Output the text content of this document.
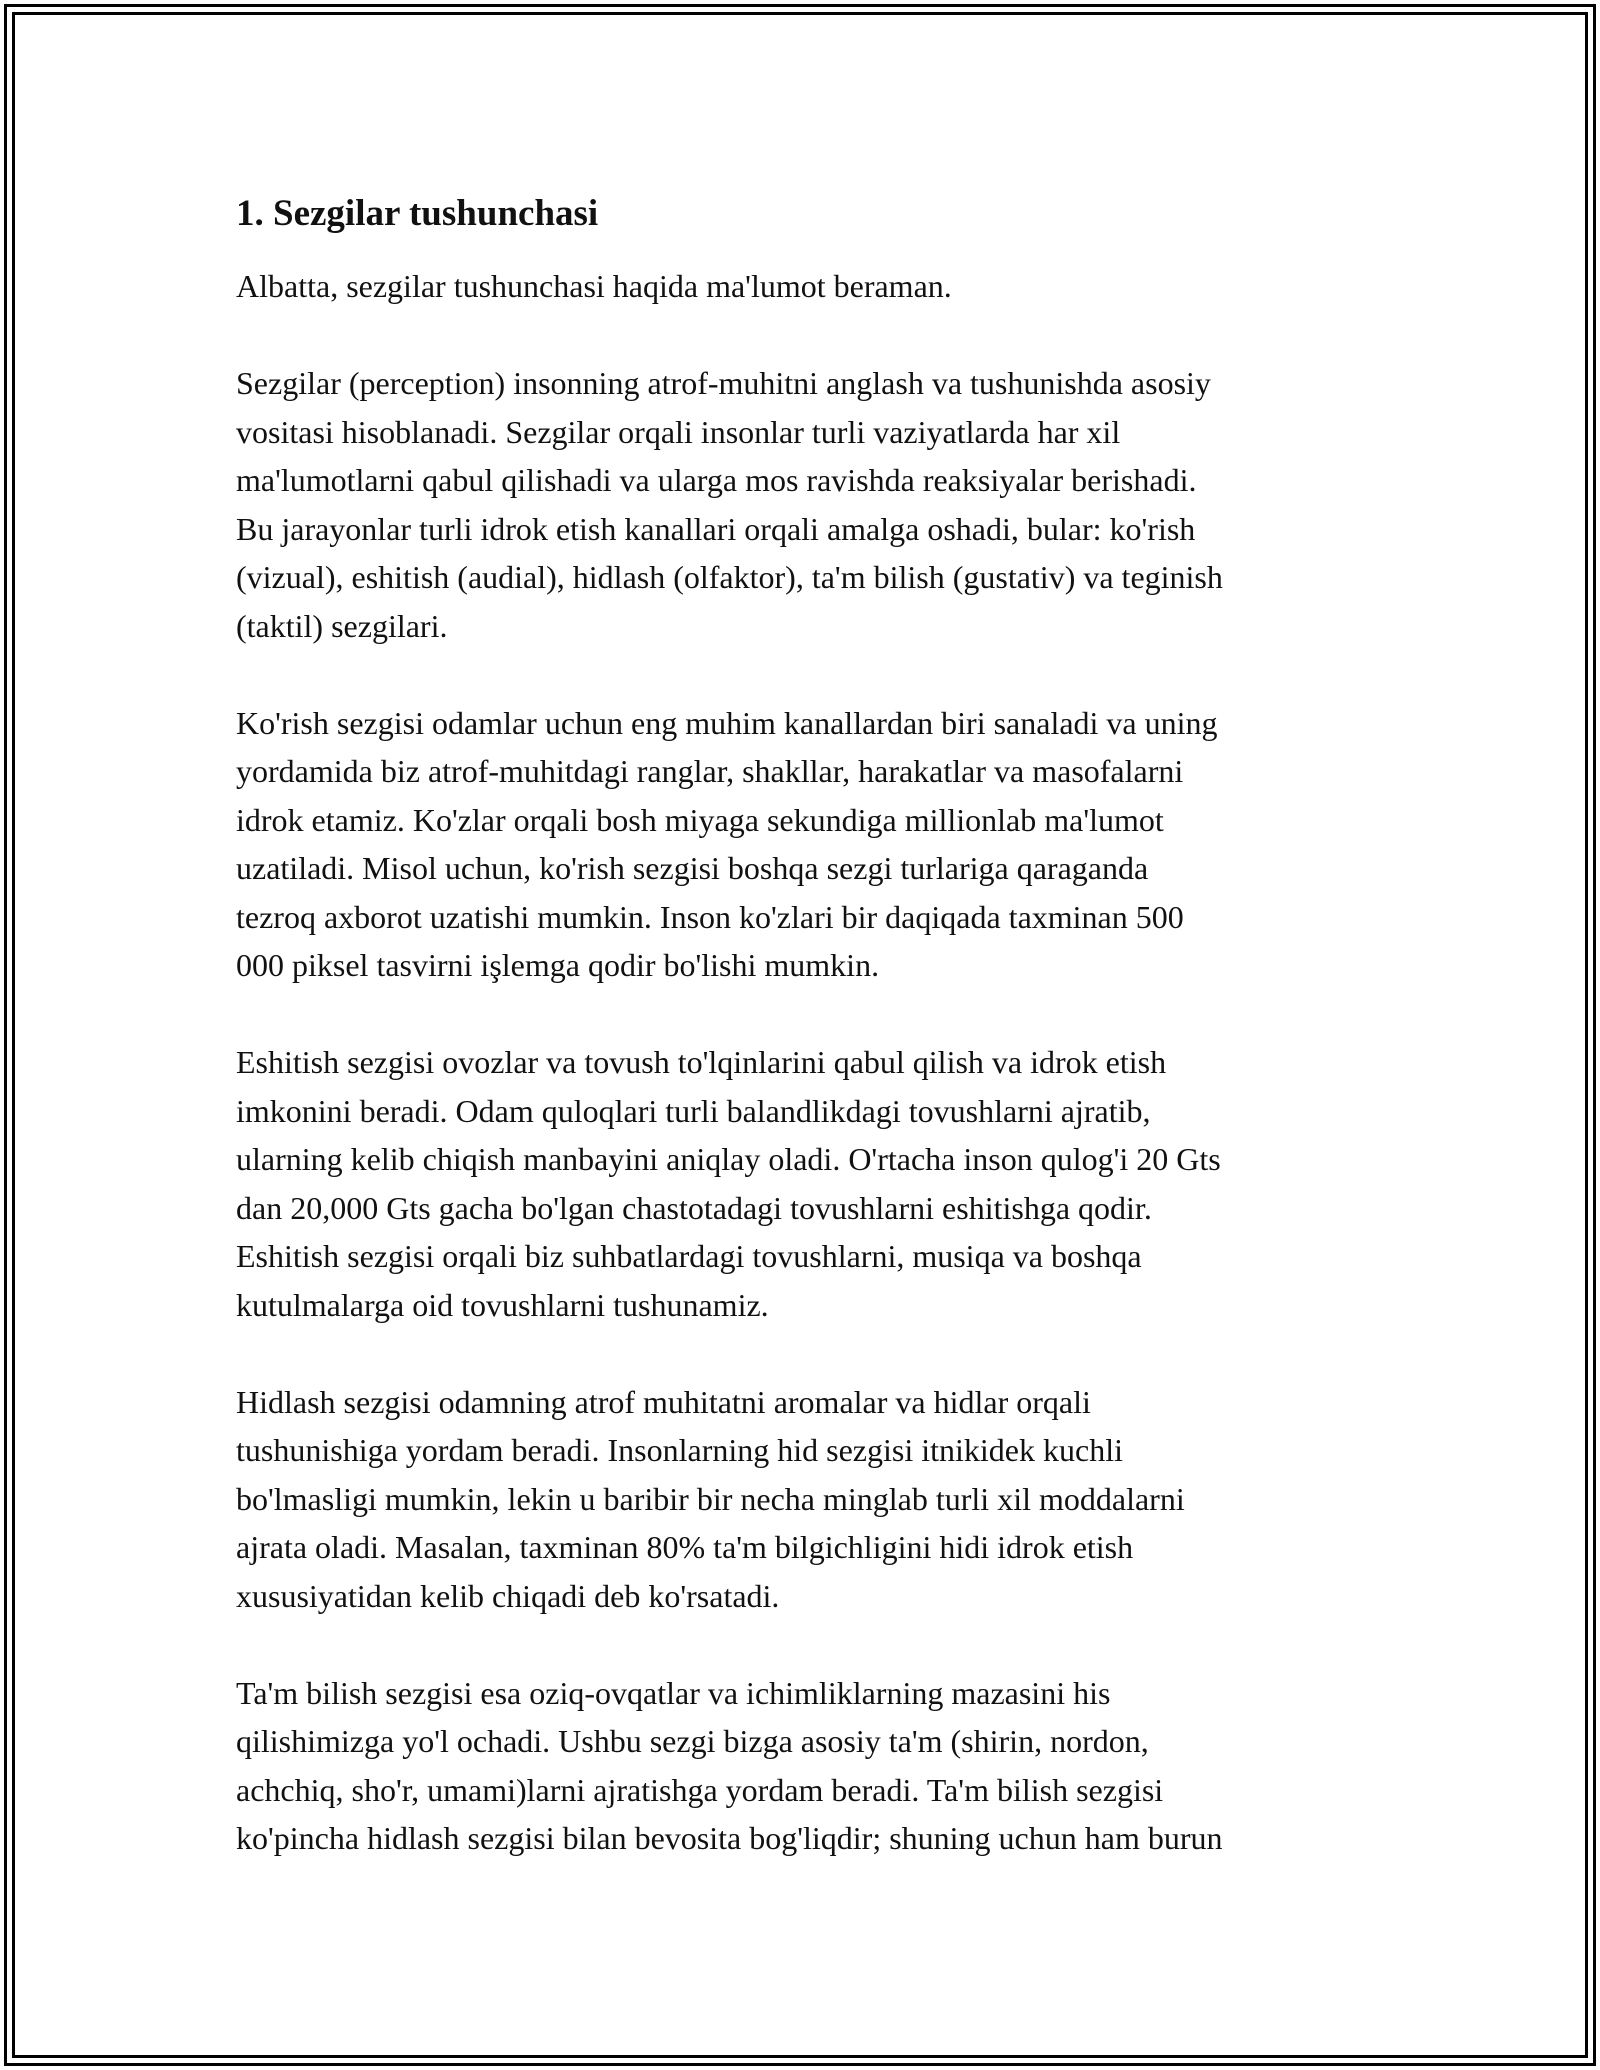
1. Sezgilar tushunchasi

Albatta, sezgilar tushunchasi haqida ma'lumot beraman.

Sezgilar (perception) insonning atrof-muhitni anglash va tushunishda asosiy
vositasi hisoblanadi. Sezgilar orqali insonlar turli vaziyatlarda har xil
ma'lumotlarni qabul qilishadi va ularga mos ravishda reaksiyalar berishadi.
Bu jarayonlar turli idrok etish kanallari orqali amalga oshadi, bular: ko'rish
(vizual), eshitish (audial), hidlash (olfaktor), ta'm bilish (gustativ) va teginish
(taktil) sezgilari.

Ko'rish sezgisi odamlar uchun eng muhim kanallardan biri sanaladi va uning
yordamida biz atrof-muhitdagi ranglar, shakllar, harakatlar va masofalarni
idrok etamiz. Ko'zlar orqali bosh miyaga sekundiga millionlab ma'lumot
uzatiladi. Misol uchun, ko'rish sezgisi boshqa sezgi turlariga qaraganda
tezroq axborot uzatishi mumkin. Inson ko'zlari bir daqiqada taxminan 500
000 piksel tasvirni işlemga qodir bo'lishi mumkin.

Eshitish sezgisi ovozlar va tovush to'lqinlarini qabul qilish va idrok etish
imkonini beradi. Odam quloqlari turli balandlikdagi tovushlarni ajratib,
ularning kelib chiqish manbayini aniqlay oladi. O'rtacha inson qulog'i 20 Gts
dan 20,000 Gts gacha bo'lgan chastotadagi tovushlarni eshitishga qodir.
Eshitish sezgisi orqali biz suhbatlardagi tovushlarni, musiqa va boshqa
kutulmalarga oid tovushlarni tushunamiz.

Hidlash sezgisi odamning atrof muhitatni aromalar va hidlar orqali
tushunishiga yordam beradi. Insonlarning hid sezgisi itnikidek kuchli
bo'lmasligi mumkin, lekin u baribir bir necha minglab turli xil moddalarni
ajrata oladi. Masalan, taxminan 80% ta'm bilgichligini hidi idrok etish
xususiyatidan kelib chiqadi deb ko'rsatadi.

Ta'm bilish sezgisi esa oziq-ovqatlar va ichimliklarning mazasini his
qilishimizga yo'l ochadi. Ushbu sezgi bizga asosiy ta'm (shirin, nordon,
achchiq, sho'r, umami)larni ajratishga yordam beradi. Ta'm bilish sezgisi
ko'pincha hidlash sezgisi bilan bevosita bog'liqdir; shuning uchun ham burun
